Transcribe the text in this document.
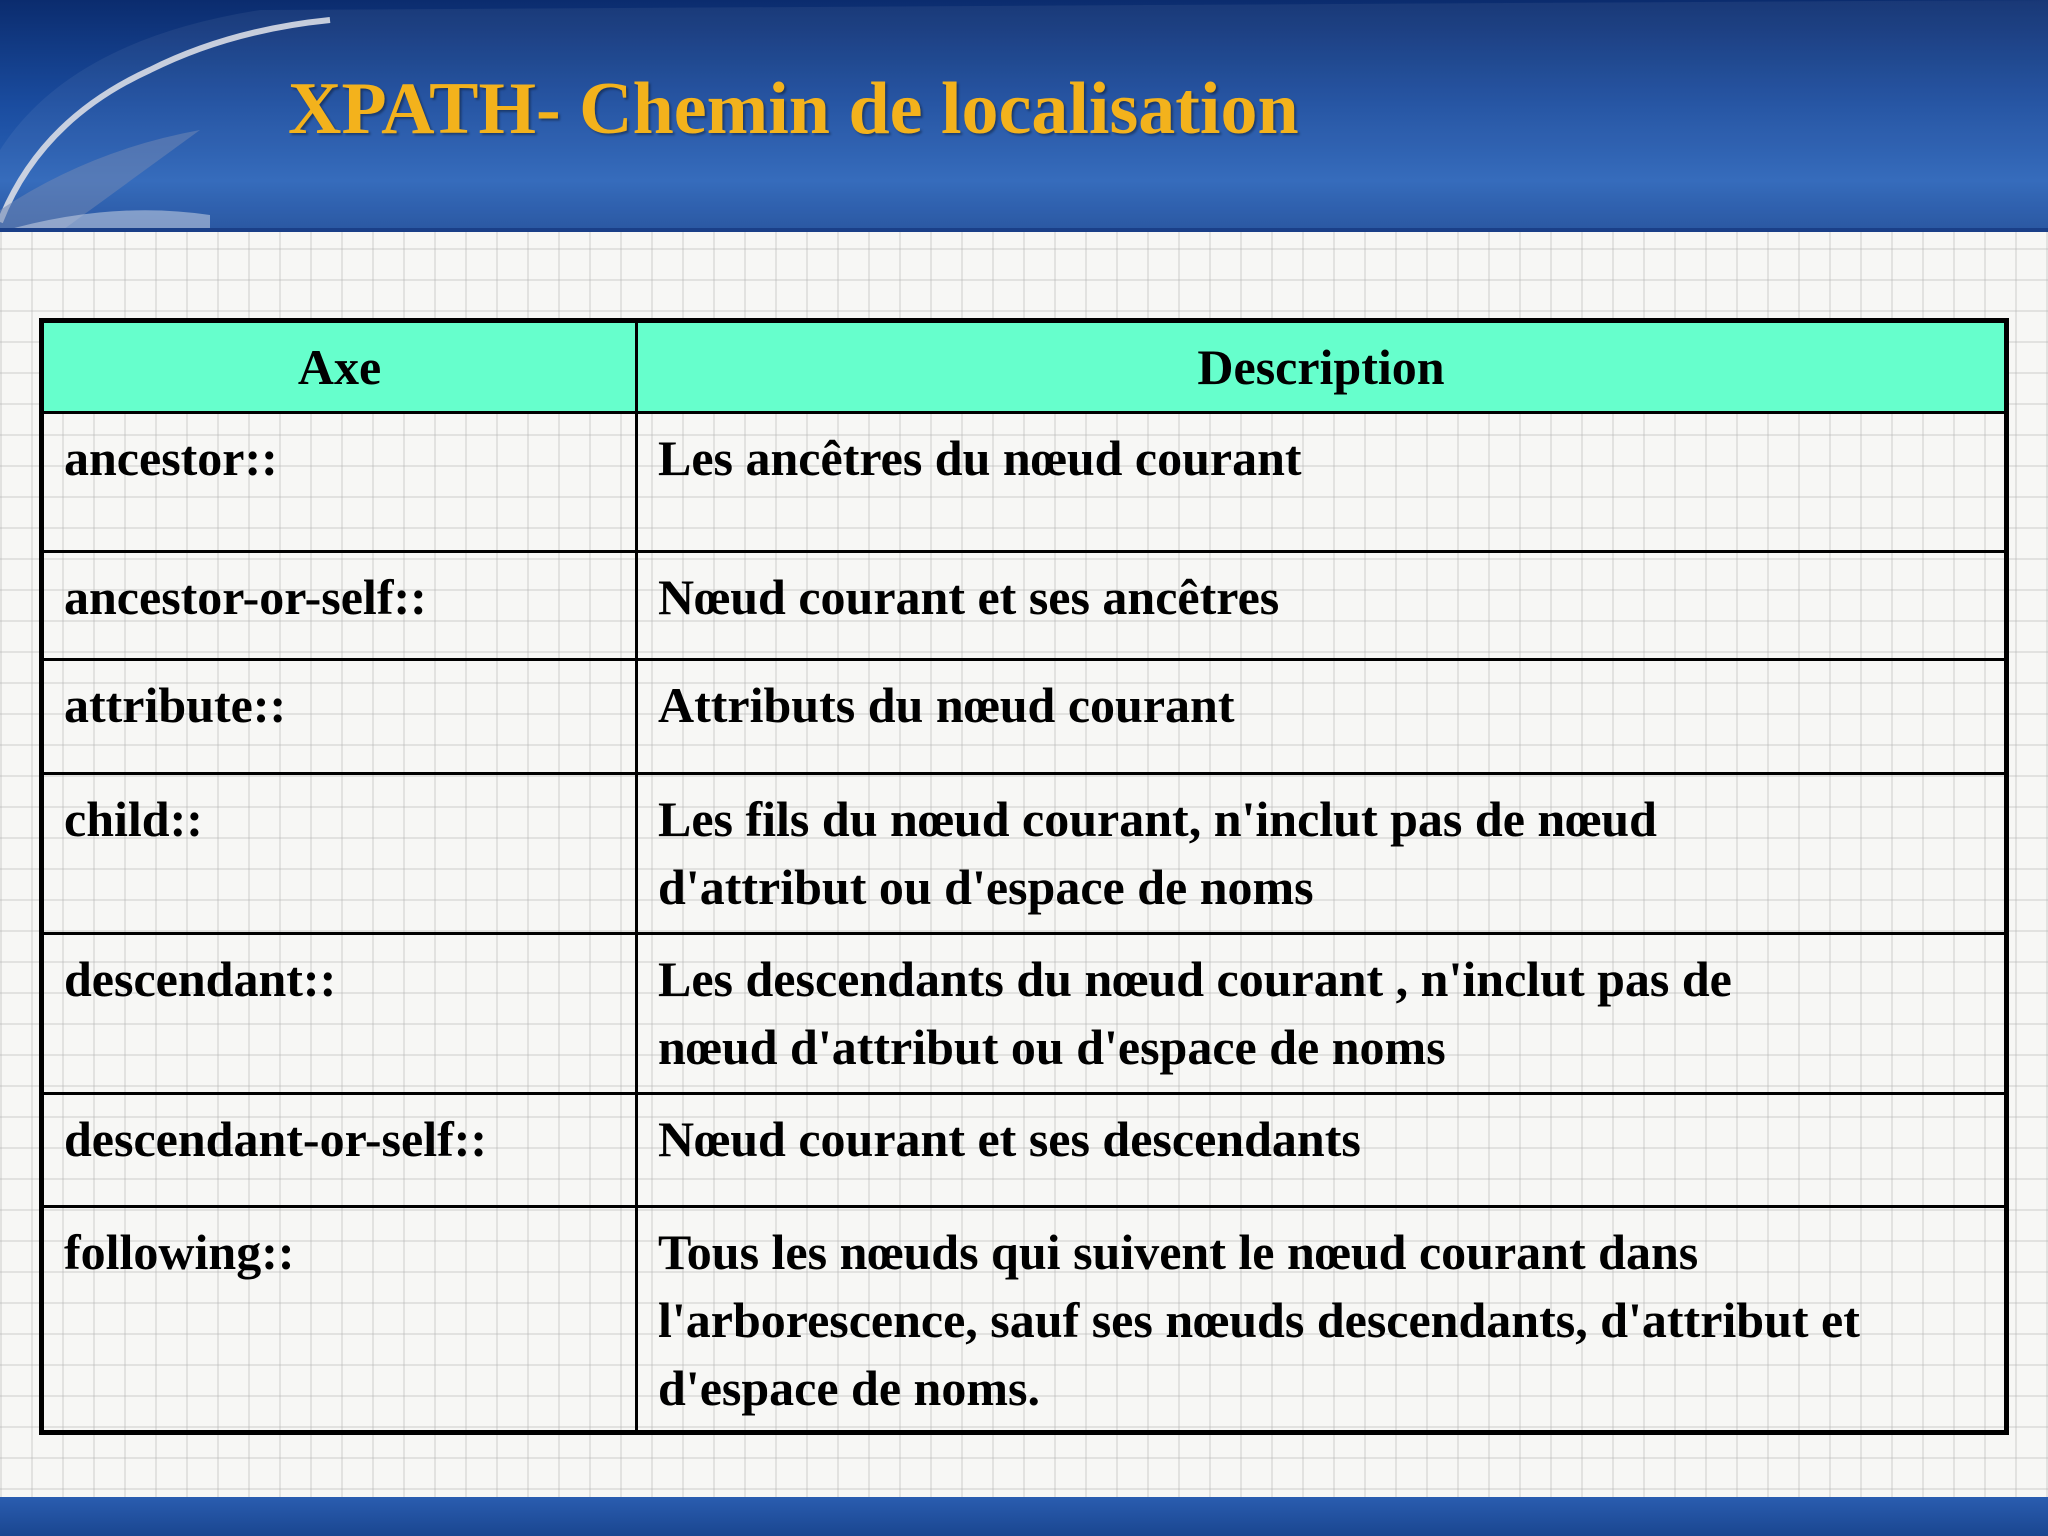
XPATH- Chemin de localisation
Axe	Description
ancestor::	Les ancêtres du nœud courant
ancestor-or-self::	Nœud courant et ses ancêtres
attribute::	Attributs du nœud courant
child::	Les fils du nœud courant, n'inclut pas de nœud
d'attribut ou d'espace de noms
descendant::	Les descendants du nœud courant , n'inclut pas de
nœud d'attribut ou d'espace de noms
descendant-or-self::	Nœud courant et ses descendants
following::	Tous les nœuds qui suivent le nœud courant dans
l'arborescence, sauf ses nœuds descendants, d'attribut et
d'espace de noms.
